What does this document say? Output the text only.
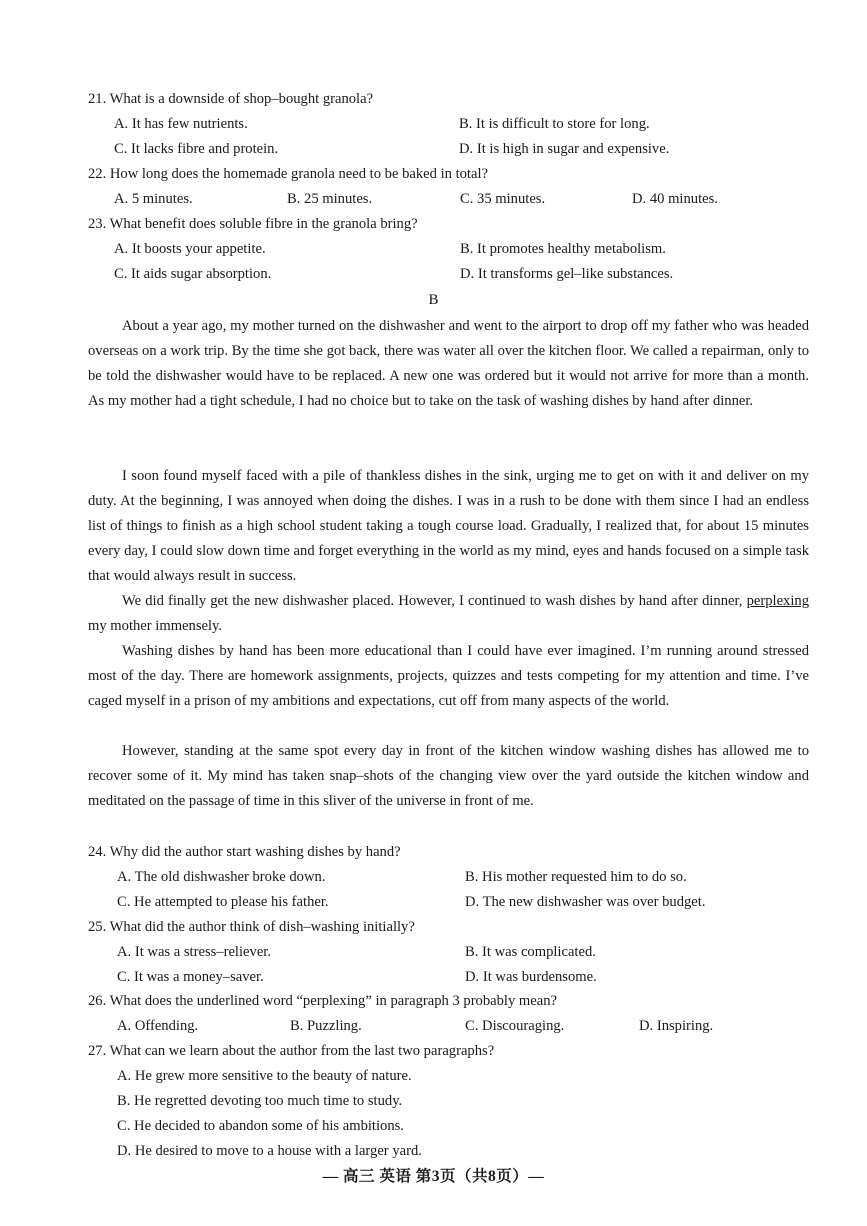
21. What is a downside of shop–bought granola?
A. It has few nutrients.	B. It is difficult to store for long.
C. It lacks fibre and protein.	D. It is high in sugar and expensive.
22. How long does the homemade granola need to be baked in total?
A. 5 minutes.	B. 25 minutes.	C. 35 minutes.	D. 40 minutes.
23. What benefit does soluble fibre in the granola bring?
A. It boosts your appetite.	B. It promotes healthy metabolism.
C. It aids sugar absorption.	D. It transforms gel–like substances.
B

About a year ago, my mother turned on the dishwasher and went to the airport to drop off my father who was headed overseas on a work trip. By the time she got back, there was water all over the kitchen floor. We called a repairman, only to be told the dishwasher would have to be replaced. A new one was ordered but it would not arrive for more than a month. As my mother had a tight schedule, I had no choice but to take on the task of washing dishes by hand after dinner.

I soon found myself faced with a pile of thankless dishes in the sink, urging me to get on with it and deliver on my duty. At the beginning, I was annoyed when doing the dishes. I was in a rush to be done with them since I had an endless list of things to finish as a high school student taking a tough course load. Gradually, I realized that, for about 15 minutes every day, I could slow down time and forget everything in the world as my mind, eyes and hands focused on a simple task that would always result in success.

We did finally get the new dishwasher placed. However, I continued to wash dishes by hand after dinner, perplexing my mother immensely.

Washing dishes by hand has been more educational than I could have ever imagined. I’m running around stressed most of the day. There are homework assignments, projects, quizzes and tests competing for my attention and time. I’ve caged myself in a prison of my ambitions and expectations, cut off from many aspects of the world.

However, standing at the same spot every day in front of the kitchen window washing dishes has allowed me to recover some of it. My mind has taken snap–shots of the changing view over the yard outside the kitchen window and meditated on the passage of time in this sliver of the universe in front of me.

24. Why did the author start washing dishes by hand?
A. The old dishwasher broke down.	B. His mother requested him to do so.
C. He attempted to please his father.	D. The new dishwasher was over budget.
25. What did the author think of dish–washing initially?
A. It was a stress–reliever.	B. It was complicated.
C. It was a money–saver.	D. It was burdensome.
26. What does the underlined word “perplexing” in paragraph 3 probably mean?
A. Offending.	B. Puzzling.	C. Discouraging.	D. Inspiring.
27. What can we learn about the author from the last two paragraphs?
A. He grew more sensitive to the beauty of nature.
B. He regretted devoting too much time to study.
C. He decided to abandon some of his ambitions.
D. He desired to move to a house with a larger yard.
— 高三 英语 第3页（共8页）—
